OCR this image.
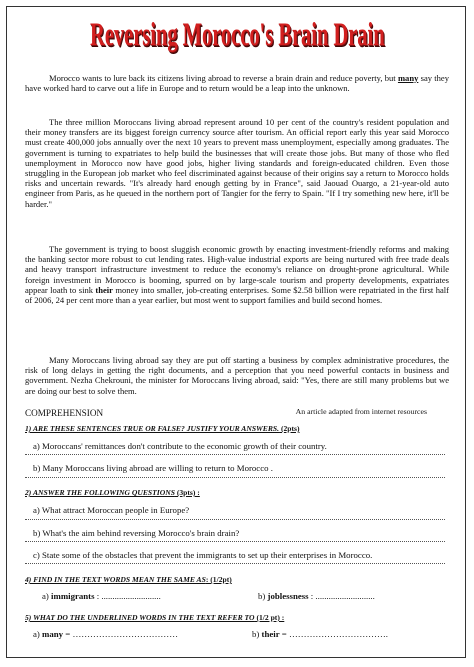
Reversing Morocco's Brain Drain

Morocco wants to lure back its citizens living abroad to reverse a brain drain and reduce poverty, but many say they have worked hard to carve out a life in Europe and to return would be a leap into the unknown.

The three million Moroccans living abroad represent around 10 per cent of the country's resident population and their money transfers are its biggest foreign currency source after tourism. An official report early this year said Morocco must create 400,000 jobs annually over the next 10 years to prevent mass unemployment, especially among graduates. The government is turning to expatriates to help build the businesses that will create those jobs. But many of those who fled unemployment in Morocco now have good jobs, higher living standards and foreign-educated children. Even those struggling in the European job market who feel discriminated against because of their origins say a return to Morocco holds risks and uncertain rewards. "It's already hard enough getting by in France", said Jaouad Ouargo, a 21-year-old auto engineer from Paris, as he queued in the northern port of Tangier for the ferry to Spain. "If I try something new here, it'll be harder."

The government is trying to boost sluggish economic growth by enacting investment-friendly reforms and making the banking sector more robust to cut lending rates. High-value industrial exports are being nurtured with free trade deals and heavy transport infrastructure investment to reduce the economy's reliance on drought-prone agricultural. While foreign investment in Morocco is booming, spurred on by large-scale tourism and property developments, expatriates appear loath to sink their money into smaller, job-creating enterprises. Some $2.58 billion were repatriated in the first half of 2006, 24 per cent more than a year earlier, but most went to support families and build second homes.

Many Moroccans living abroad say they are put off starting a business by complex administrative procedures, the risk of long delays in getting the right documents, and a perception that you need powerful contacts in business and government. Nezha Chekrouni, the minister for Moroccans living abroad, said: "Yes, there are still many problems but we are doing our best to solve them.

An article adapted from internet resources

COMPREHENSION

1) ARE THESE SENTENCES TRUE OR FALSE? JUSTIFY YOUR ANSWERS. (2pts)
a) Moroccans' remittances don't contribute to the economic growth of their country.
b) Many Moroccans living abroad are willing to return to Morocco .
2) ANSWER THE FOLLOWING QUESTIONS (3pts) :
a) What attract Moroccan people in Europe?
b) What's the aim behind reversing Morocco's brain drain?
c) State some of the obstacles that prevent the immigrants to set up their enterprises in Morocco.
4) FIND IN THE TEXT WORDS MEAN THE SAME AS: (1/2pt)
a) immigrants : ...........................	b) joblessness : ...........................
5) WHAT DO THE UNDERLINED WORDS IN THE TEXT REFER TO (1/2 pt) :
a) many = ………………………………	b) their = …………………………….
